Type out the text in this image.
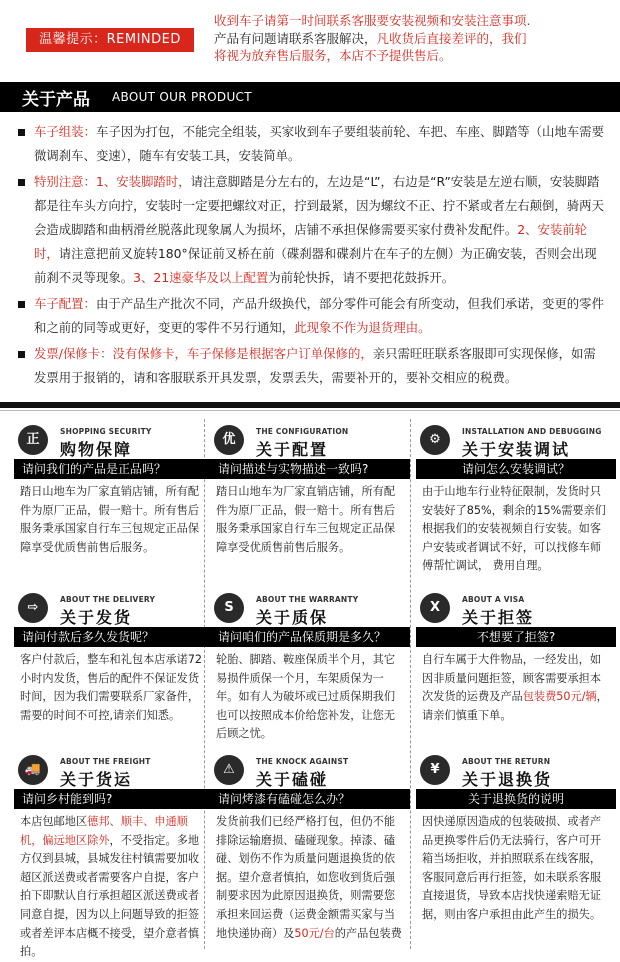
温馨提示：REMINDED
收到车子请第一时间联系客服要安装视频和安装注意事项.
产品有问题请联系客服解决，凡收货后直接差评的，我们
将视为放弃售后服务，本店不予提供售后。
关于产品 ABOUT OUR PRODUCT

车子组装：车子因为打包，不能完全组装，买家收到车子要组装前轮、车把、车座、脚踏等（山地车需要微调刹车、变速），随车有安装工具，安装简单。

特别注意：1、安装脚踏时，请注意脚踏是分左右的，左边是“L”，右边是“R”安装是左逆右顺，安装脚踏都是往车头方向拧，安装时一定要把螺纹对正，拧到最紧，因为螺纹不正、拧不紧或者左右颠倒，骑两天会造成脚踏和曲柄滑丝脱落此现象属人为损坏，店铺不承担保修需要买家付费补发配件。2、安装前轮时，请注意把前叉旋转180°保证前叉桥在前（碟刹器和碟刹片在车子的左侧）为正确安装，否则会出现前刹不灵等现象。3、21速豪华及以上配置为前轮快拆，请不要把花鼓拆开。

车子配置：由于产品生产批次不同，产品升级换代，部分零件可能会有所变动，但我们承诺，变更的零件和之前的同等或更好，变更的零件不另行通知，此现象不作为退货理由。

发票/保修卡：没有保修卡，车子保修是根据客户订单保修的，亲只需旺旺联系客服即可实现保修，如需发票用于报销的，请和客服联系开具发票，发票丢失，需要补开的，要补交相应的税费。

正
SHOPPING SECURITY
购物保障
请问我们的产品是正品吗？
踏日山地车为厂家直销店铺，所有配件为原厂正品，假一赔十。所有售后服务秉承国家自行车三包规定正品保障享受优质售前售后服务。
优
THE CONFIGURATION
关于配置
请问描述与实物描述一致吗?
踏日山地车为厂家直销店铺，所有配件为原厂正品，假一赔十。所有售后服务秉承国家自行车三包规定正品保障享受优质售前售后服务。
⚙
INSTALLATION AND DEBUGGING
关于安装调试
请问怎么安装调试？
由于山地车行业特征限制，发货时只安装好了85%，剩余的15%需要亲们根据我们的安装视频自行安装。如客户安装或者调试不好，可以找修车师傅帮忙调试， 费用自理。
⇨
ABOUT THE DELIVERY
关于发货
请问付款后多久发货呢？
客户付款后，整车和礼包本店承诺72小时内发货，售后的配件不保证发货时间，因为我们需要联系厂家备件，需要的时间不可控,请亲们知悉。
S
ABOUT THE WARRANTY
关于质保
请问咱们的产品保质期是多久？
轮胎、脚踏、鞍座保质半个月，其它易损件质保一个月，车架质保为一年。如有人为破坏或已过质保期我们也可以按照成本价给您补发，让您无后顾之忧。
X
ABOUT A VISA
关于拒签
不想要了拒签?
自行车属于大件物品，一经发出，如因非质量问题拒签，顾客需要承担本次发货的运费及产品包装费50元/辆，请亲们慎重下单。
🚚
ABOUT THE FREIGHT
关于货运
请问乡村能到吗?
本店包邮地区德邦、顺丰、申通顺机，偏远地区除外，不受指定。多地方仅到县城，县城发往村镇需要加收超区派送费或者需要客户自提，客户拍下即默认自行承担超区派送费或者同意自提，因为以上问题导致的拒签或者差评本店概不接受，望介意者慎拍。
⚠
THE KNOCK AGAINST
关于磕碰
请问烤漆有磕碰怎么办？
发货前我们已经严格打包，但仍不能排除运输磨损、磕碰现象。掉漆、磕碰、划伤不作为质量问题退换货的依据。望介意者慎拍，如您收到货后强制要求因为此原因退换货，则需要您承担来回运费（运费金额需买家与当地快递协商）及50元/台的产品包装费
¥
ABOUT THE RETURN
关于退换货
关于退换货的说明
因快递原因造成的包装破损、或者产品更换零件后仍无法骑行，客户可开箱当场拒收，并拍照联系在线客服，客服同意后再行拒签，如未联系客服直接退货，导致本店找快递索赔无证据，则由客户承担由此产生的损失。
